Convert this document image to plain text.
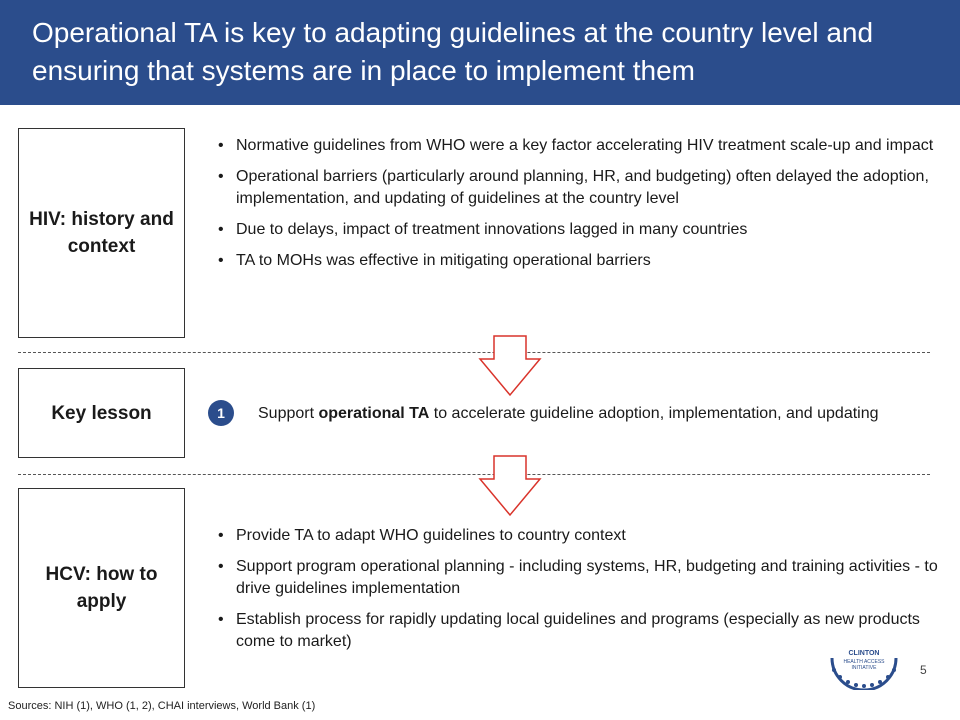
Operational TA is key to adapting guidelines at the country level and ensuring that systems are in place to implement them
HIV: history and context
• Normative guidelines from WHO were a key factor accelerating HIV treatment scale-up and impact
• Operational barriers (particularly around planning, HR, and budgeting) often delayed the adoption, implementation, and updating of guidelines at the country level
• Due to delays, impact of treatment innovations lagged in many countries
• TA to MOHs was effective in mitigating operational barriers
Key lesson	1	Support operational TA to accelerate guideline adoption, implementation, and updating
HCV: how to apply
• Provide TA to adapt WHO guidelines to country context
• Support program operational planning - including systems, HR, budgeting and training activities - to drive guidelines implementation
• Establish process for rapidly updating local guidelines and programs (especially as new products come to market)
5
CLINTON
HEALTH ACCESS
INITIATIVE
Sources: NIH (1), WHO (1, 2), CHAI interviews, World Bank (1)
